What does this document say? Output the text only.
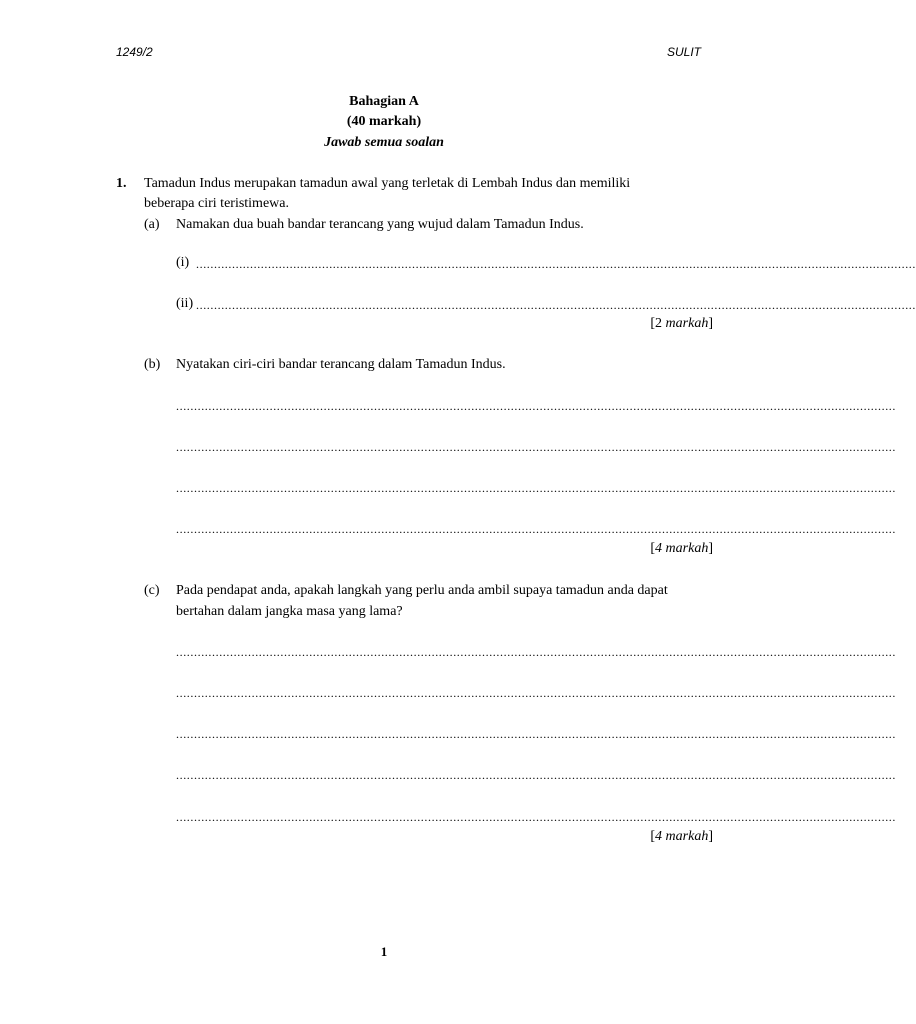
1249/2	SULIT
Bahagian A
(40 markah)
Jawab semua soalan
1. Tamadun Indus merupakan tamadun awal yang terletak di Lembah Indus dan memiliki
beberapa ciri teristimewa.
(a) Namakan dua buah bandar terancang yang wujud dalam Tamadun Indus.
(i) ........................................................................................................................................................................................................
(ii) ........................................................................................................................................................................................................
[2 markah]
(b) Nyatakan ciri-ciri bandar terancang dalam Tamadun Indus.
........................................................................................................................................................................................................
........................................................................................................................................................................................................
........................................................................................................................................................................................................
........................................................................................................................................................................................................
[4 markah]
(c) Pada pendapat anda, apakah langkah yang perlu anda ambil supaya tamadun anda dapat
bertahan dalam jangka masa yang lama?
........................................................................................................................................................................................................
........................................................................................................................................................................................................
........................................................................................................................................................................................................
........................................................................................................................................................................................................
........................................................................................................................................................................................................
[4 markah]
1
